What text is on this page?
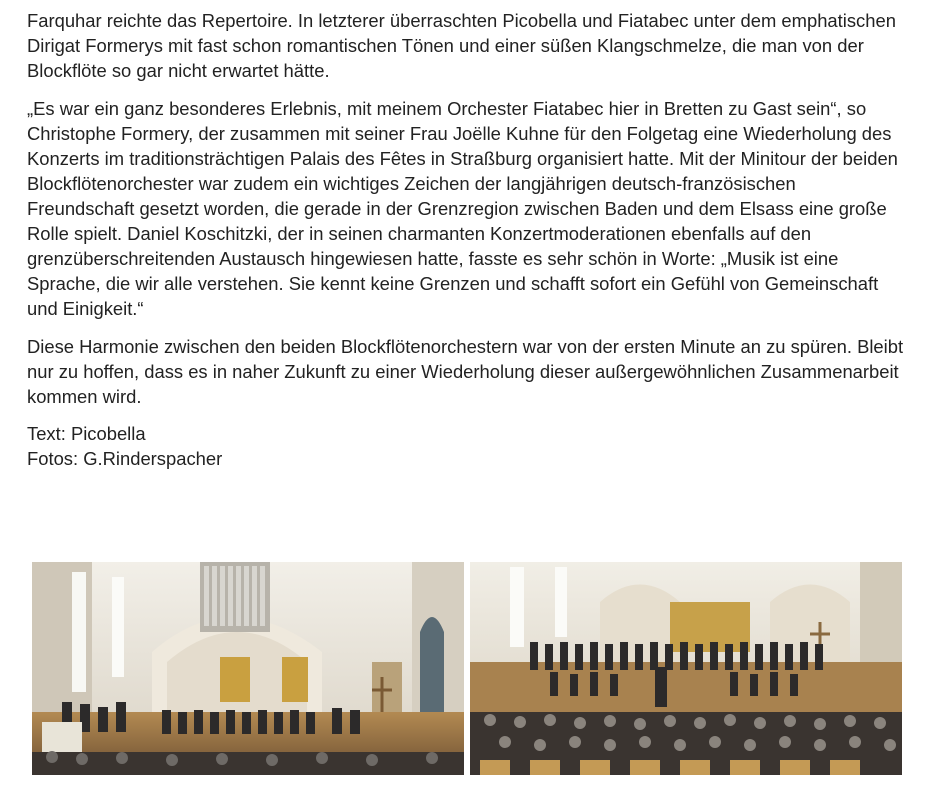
Farquhar reichte das Repertoire. In letzterer überraschten Picobella und Fiatabec unter dem emphatischen Dirigat Formerys mit fast schon romantischen Tönen und einer süßen Klangschmelze, die man von der Blockflöte so gar nicht erwartet hätte.

„Es war ein ganz besonderes Erlebnis, mit meinem Orchester Fiatabec hier in Bretten zu Gast sein“, so Christophe Formery, der zusammen mit seiner Frau Joëlle Kuhne für den Folgetag eine Wiederholung des Konzerts im traditionsträchtigen Palais des Fêtes in Straßburg organisiert hatte. Mit der Minitour der beiden Blockflötenorchester war zudem ein wichtiges Zeichen der langjährigen deutsch-französischen Freundschaft gesetzt worden, die gerade in der Grenzregion zwischen Baden und dem Elsass eine große Rolle spielt. Daniel Koschitzki, der in seinen charmanten Konzertmoderationen ebenfalls auf den grenzüberschreitenden Austausch hingewiesen hatte, fasste es sehr schön in Worte: „Musik ist eine Sprache, die wir alle verstehen. Sie kennt keine Grenzen und schafft sofort ein Gefühl von Gemeinschaft und Einigkeit.“

Diese Harmonie zwischen den beiden Blockflötenorchestern war von der ersten Minute an zu spüren. Bleibt nur zu hoffen, dass es in naher Zukunft zu einer Wiederholung dieser außergewöhnlichen Zusammenarbeit kommen wird.

Text: Picobella
Fotos: G.Rinderspacher
